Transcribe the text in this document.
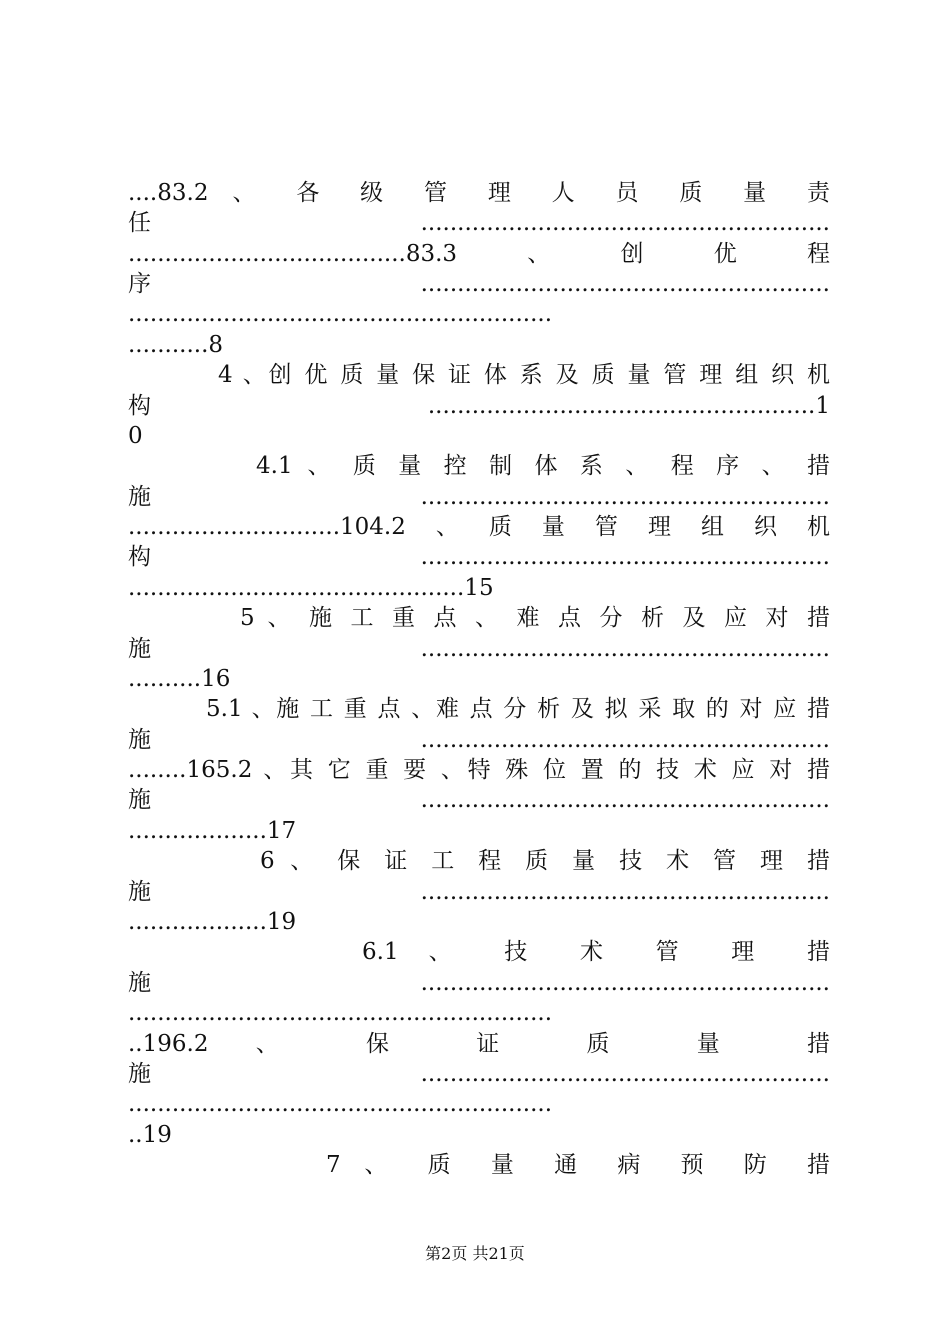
....83.2 、 各 级 管 理 人 员 质 量 责
任........................................................
......................................83.3、创优程
序........................................................
..........................................................
...........8
4 、创 优 质 量 保 证 体 系 及 质 量 管 理 组 织 机
构.....................................................1
0
4.1 、 质 量 控 制 体 系 、 程 序 、 措
施........................................................
.............................104.2、质量管理组织机
构........................................................
..............................................15
5 、 施 工 重 点 、 难 点 分 析 及 应 对 措
施........................................................
..........16
5.1 、施 工 重 点 、难 点 分 析 及 拟 采 取 的 对 应 措
施........................................................
........165.2 、其 它 重 要 、特 殊 位 置 的 技 术 应 对 措
施........................................................
...................17
6 、 保 证 工 程 质 量 技 术 管 理 措
施........................................................
...................19
6.1 、 技 术 管 理 措
施........................................................
..........................................................
..196.2 、 保 证 质 量 措
施........................................................
..........................................................
..19
7 、 质 量 通 病 预 防 措
第2页 共21页
